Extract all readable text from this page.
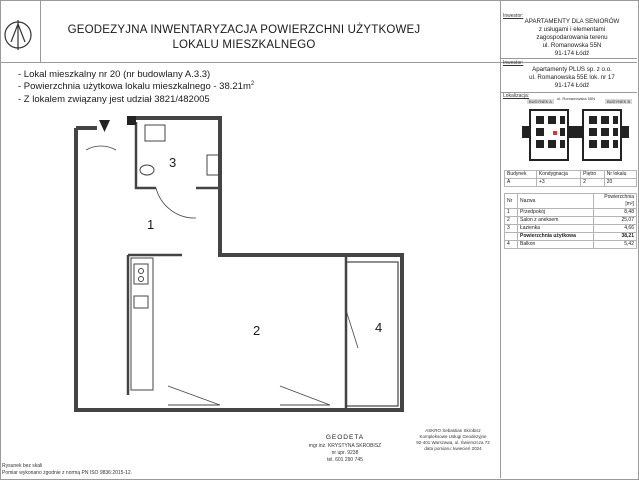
GEODEZYJNA INWENTARYZACJA POWIERZCHNI UŻYTKOWEJ
LOKALU MIESZKALNEGO
- Lokal mieszkalny nr 20 (nr budowlany A.3.3)
- Powierzchnia użytkowa lokalu mieszkalnego - $38.21m^2$
- Z lokalem związany jest udział 3821/482005
Inwestor:
APARTAMENTY DLA SENIORÓW
z usługami i elementami
zagospodarowania terenu
ul. Romanowska 55N
91-174 Łódź
Inwestor:
Apartamenty PLUS sp. z o.o.
ul. Romanowska 55E lok. nr 17
91-174 Łódź
Lokalizacja:
BUDYNEK A
ul. Romanowska 55N
BUDYNEK B
Budynek	Kondygnacja	Piętro	Nr lokalu
A	+3	2	20
Nr	Nazwa	Powierzchnia [m²]
1	Przedpokój	8,48
2	Salon z aneksem	25,07
3	Łazienka	4,66
	Powierzchnia użytkowa	38,21
4	Balkon	5,42
1
2
3
4
GEODETA
mgr inż. KRYSTYNA SKROBISZ
nr upr. 9238
tel. 601 290 745
ASKRO Sebastian Skrobisz
Kompleksowe Usługi Geodezyjne
92-401 Warszawa, ul. Świerszcza 72
data pomiaru: kwiecień 2024
Rysunek bez skali
Pomiar wykonano zgodnie z normą PN ISO 9836:2015-12.
